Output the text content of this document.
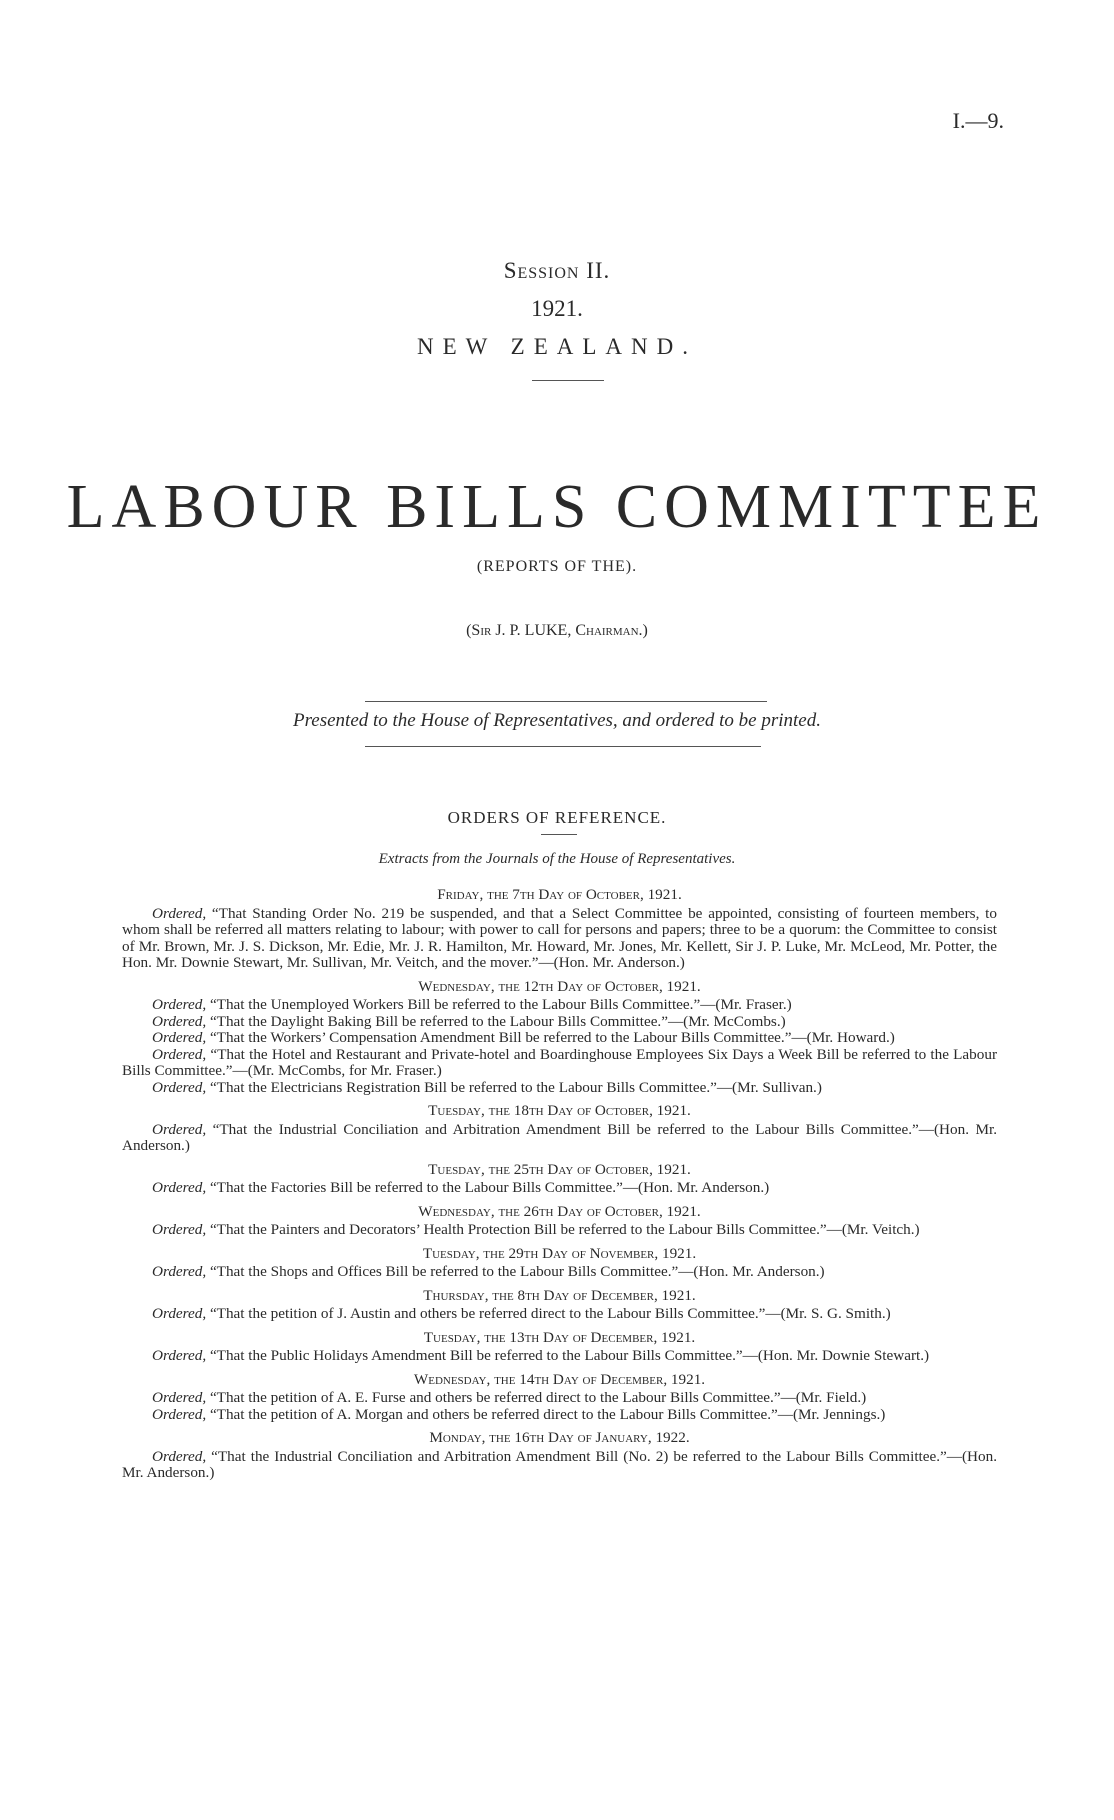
I.—9.
Session II.
1921.
NEW ZEALAND.
LABOUR BILLS COMMITTEE
(REPORTS OF THE).
(Sir J. P. LUKE, Chairman.)
Presented to the House of Representatives, and ordered to be printed.
ORDERS OF REFERENCE.
Extracts from the Journals of the House of Representatives.
Friday, the 7th Day of October, 1921.

Ordered, “That Standing Order No. 219 be suspended, and that a Select Committee be appointed, consisting of fourteen members, to whom shall be referred all matters relating to labour; with power to call for persons and papers; three to be a quorum: the Committee to consist of Mr. Brown, Mr. J. S. Dickson, Mr. Edie, Mr. J. R. Hamilton, Mr. Howard, Mr. Jones, Mr. Kellett, Sir J. P. Luke, Mr. McLeod, Mr. Potter, the Hon. Mr. Downie Stewart, Mr. Sullivan, Mr. Veitch, and the mover.”—(Hon. Mr. Anderson.)

Wednesday, the 12th Day of October, 1921.

Ordered, “That the Unemployed Workers Bill be referred to the Labour Bills Committee.”—(Mr. Fraser.)

Ordered, “That the Daylight Baking Bill be referred to the Labour Bills Committee.”—(Mr. McCombs.)

Ordered, “That the Workers’ Compensation Amendment Bill be referred to the Labour Bills Committee.”—(Mr. Howard.)

Ordered, “That the Hotel and Restaurant and Private-hotel and Boardinghouse Employees Six Days a Week Bill be referred to the Labour Bills Committee.”—(Mr. McCombs, for Mr. Fraser.)

Ordered, “That the Electricians Registration Bill be referred to the Labour Bills Committee.”—(Mr. Sullivan.)

Tuesday, the 18th Day of October, 1921.

Ordered, “That the Industrial Conciliation and Arbitration Amendment Bill be referred to the Labour Bills Committee.”—(Hon. Mr. Anderson.)

Tuesday, the 25th Day of October, 1921.

Ordered, “That the Factories Bill be referred to the Labour Bills Committee.”—(Hon. Mr. Anderson.)

Wednesday, the 26th Day of October, 1921.

Ordered, “That the Painters and Decorators’ Health Protection Bill be referred to the Labour Bills Committee.”—(Mr. Veitch.)

Tuesday, the 29th Day of November, 1921.

Ordered, “That the Shops and Offices Bill be referred to the Labour Bills Committee.”—(Hon. Mr. Anderson.)

Thursday, the 8th Day of December, 1921.

Ordered, “That the petition of J. Austin and others be referred direct to the Labour Bills Committee.”—(Mr. S. G. Smith.)

Tuesday, the 13th Day of December, 1921.

Ordered, “That the Public Holidays Amendment Bill be referred to the Labour Bills Committee.”—(Hon. Mr. Downie Stewart.)

Wednesday, the 14th Day of December, 1921.

Ordered, “That the petition of A. E. Furse and others be referred direct to the Labour Bills Committee.”—(Mr. Field.)

Ordered, “That the petition of A. Morgan and others be referred direct to the Labour Bills Committee.”—(Mr. Jennings.)

Monday, the 16th Day of January, 1922.

Ordered, “That the Industrial Conciliation and Arbitration Amendment Bill (No. 2) be referred to the Labour Bills Committee.”—(Hon. Mr. Anderson.)
